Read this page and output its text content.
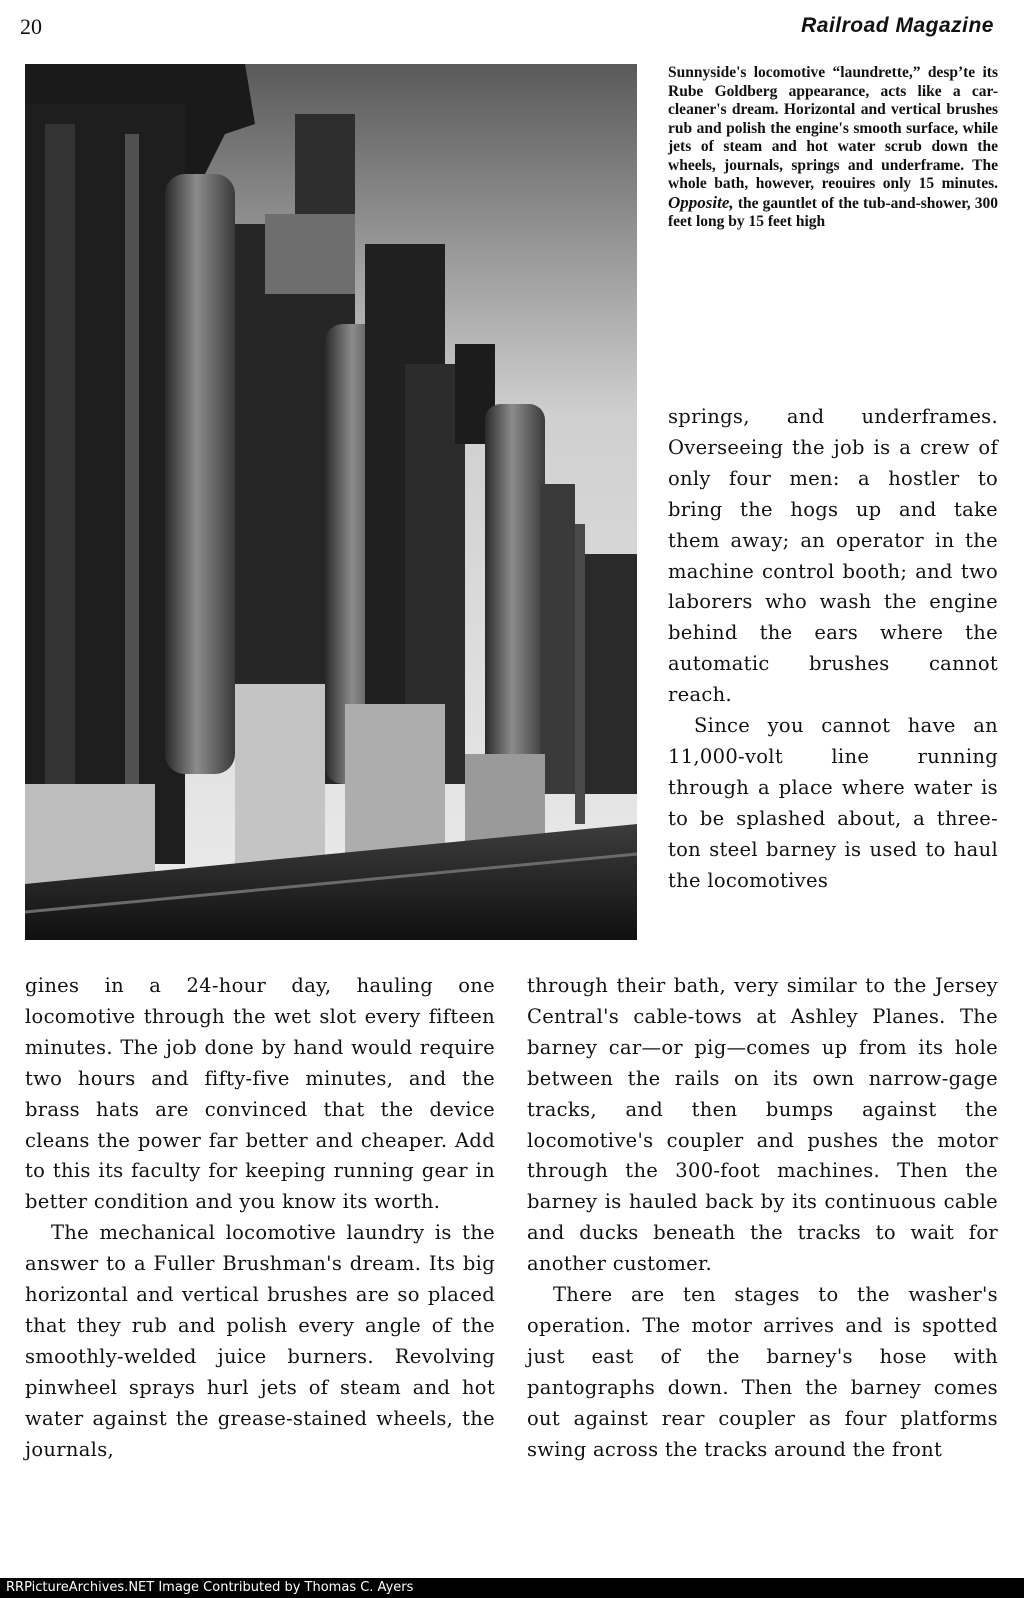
20	Railroad Magazine

Sunnyside's locomotive “laundrette,” despʼte its Rube Goldberg appearance, acts like a car-cleaner's dream. Horizontal and vertical brushes rub and polish the engine's smooth surface, while jets of steam and hot water scrub down the wheels, journals, springs and underframe. The whole bath, however, reouires only 15 minutes. Opposite, the gauntlet of the tub-and-shower, 300 feet long by 15 feet high

springs, and underframes. Overseeing the job is a crew of only four men: a hostler to bring the hogs up and take them away; an operator in the machine control booth; and two laborers who wash the engine behind the ears where the automatic brushes cannot reach.

Since you cannot have an 11,000-volt line running through a place where water is to be splashed about, a three-ton steel barney is used to haul the locomotives

gines in a 24-hour day, hauling one locomotive through the wet slot every fifteen minutes. The job done by hand would require two hours and fifty-five minutes, and the brass hats are convinced that the device cleans the power far better and cheaper. Add to this its faculty for keeping running gear in better condition and you know its worth.

The mechanical locomotive laundry is the answer to a Fuller Brushman's dream. Its big horizontal and vertical brushes are so placed that they rub and polish every angle of the smoothly-welded juice burners. Revolving pinwheel sprays hurl jets of steam and hot water against the grease-stained wheels, the journals,

through their bath, very similar to the Jersey Central's cable-tows at Ashley Planes. The barney car—or pig—comes up from its hole between the rails on its own narrow-gage tracks, and then bumps against the locomotive's coupler and pushes the motor through the 300-foot machines. Then the barney is hauled back by its continuous cable and ducks beneath the tracks to wait for another customer.

There are ten stages to the washer's operation. The motor arrives and is spotted just east of the barney's hose with pantographs down. Then the barney comes out against rear coupler as four platforms swing across the tracks around the front

RRPictureArchives.NET Image Contributed by Thomas C. Ayers
